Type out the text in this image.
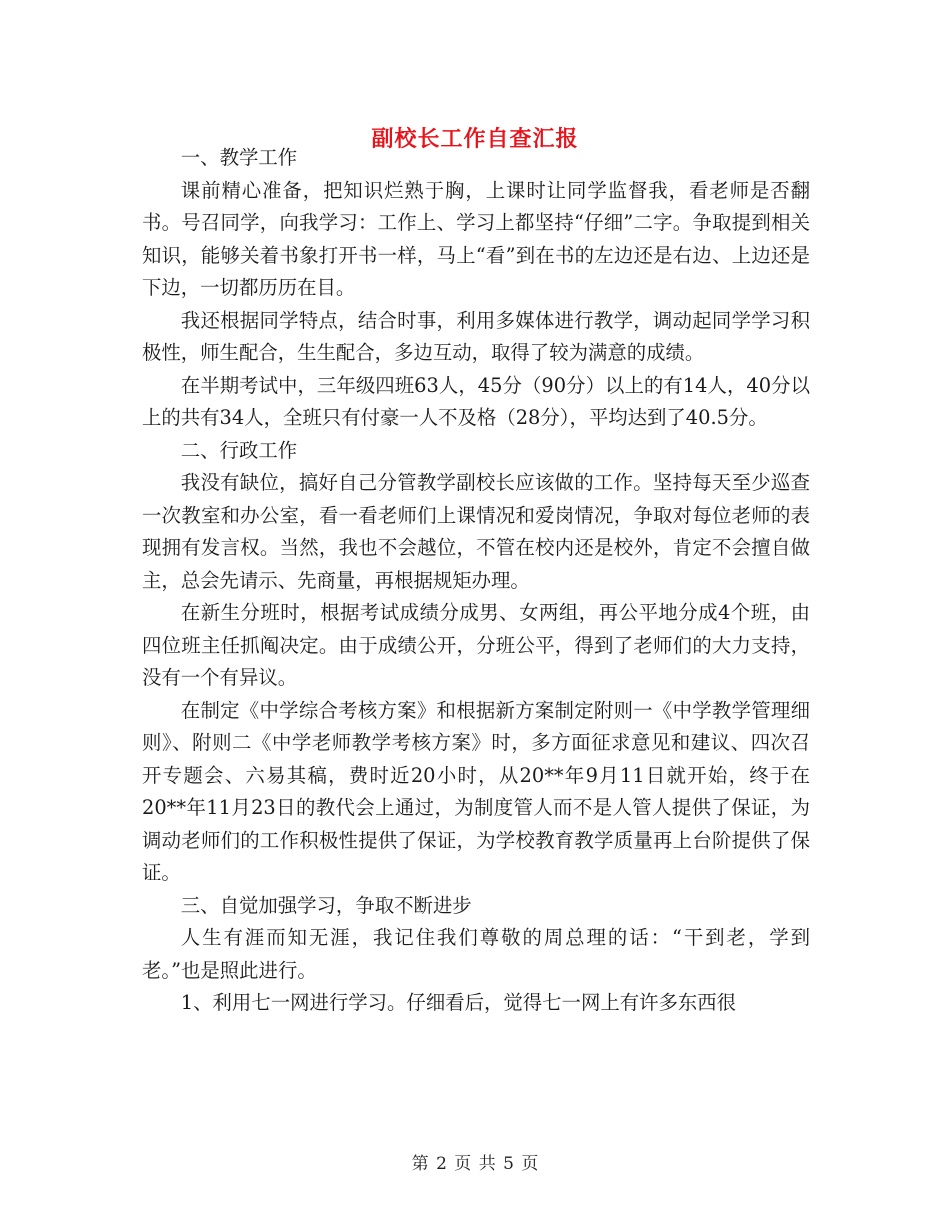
副校长工作自查汇报

一、教学工作

课前精心准备，把知识烂熟于胸，上课时让同学监督我，看老师是否翻书。号召同学，向我学习：工作上、学习上都坚持“仔细”二字。争取提到相关知识，能够关着书象打开书一样，马上“看”到在书的左边还是右边、上边还是下边，一切都历历在目。

我还根据同学特点，结合时事，利用多媒体进行教学，调动起同学学习积极性，师生配合，生生配合，多边互动，取得了较为满意的成绩。

在半期考试中，三年级四班63人，45分（90分）以上的有14人，40分以上的共有34人，全班只有付豪一人不及格（28分），平均达到了40.5分。

二、行政工作

我没有缺位，搞好自己分管教学副校长应该做的工作。坚持每天至少巡查一次教室和办公室，看一看老师们上课情况和爱岗情况，争取对每位老师的表现拥有发言权。当然，我也不会越位，不管在校内还是校外，肯定不会擅自做主，总会先请示、先商量，再根据规矩办理。

在新生分班时，根据考试成绩分成男、女两组，再公平地分成4个班，由四位班主任抓阄决定。由于成绩公开，分班公平，得到了老师们的大力支持，没有一个有异议。

在制定《中学综合考核方案》和根据新方案制定附则一《中学教学管理细则》、附则二《中学老师教学考核方案》时，多方面征求意见和建议、四次召开专题会、六易其稿，费时近20小时，从20**年9月11日就开始，终于在20**年11月23日的教代会上通过，为制度管人而不是人管人提供了保证，为调动老师们的工作积极性提供了保证，为学校教育教学质量再上台阶提供了保证。

三、自觉加强学习，争取不断进步

人生有涯而知无涯，我记住我们尊敬的周总理的话：“干到老，学到老。”也是照此进行。

1、利用七一网进行学习。仔细看后，觉得七一网上有许多东西很

第 2 页 共 5 页
